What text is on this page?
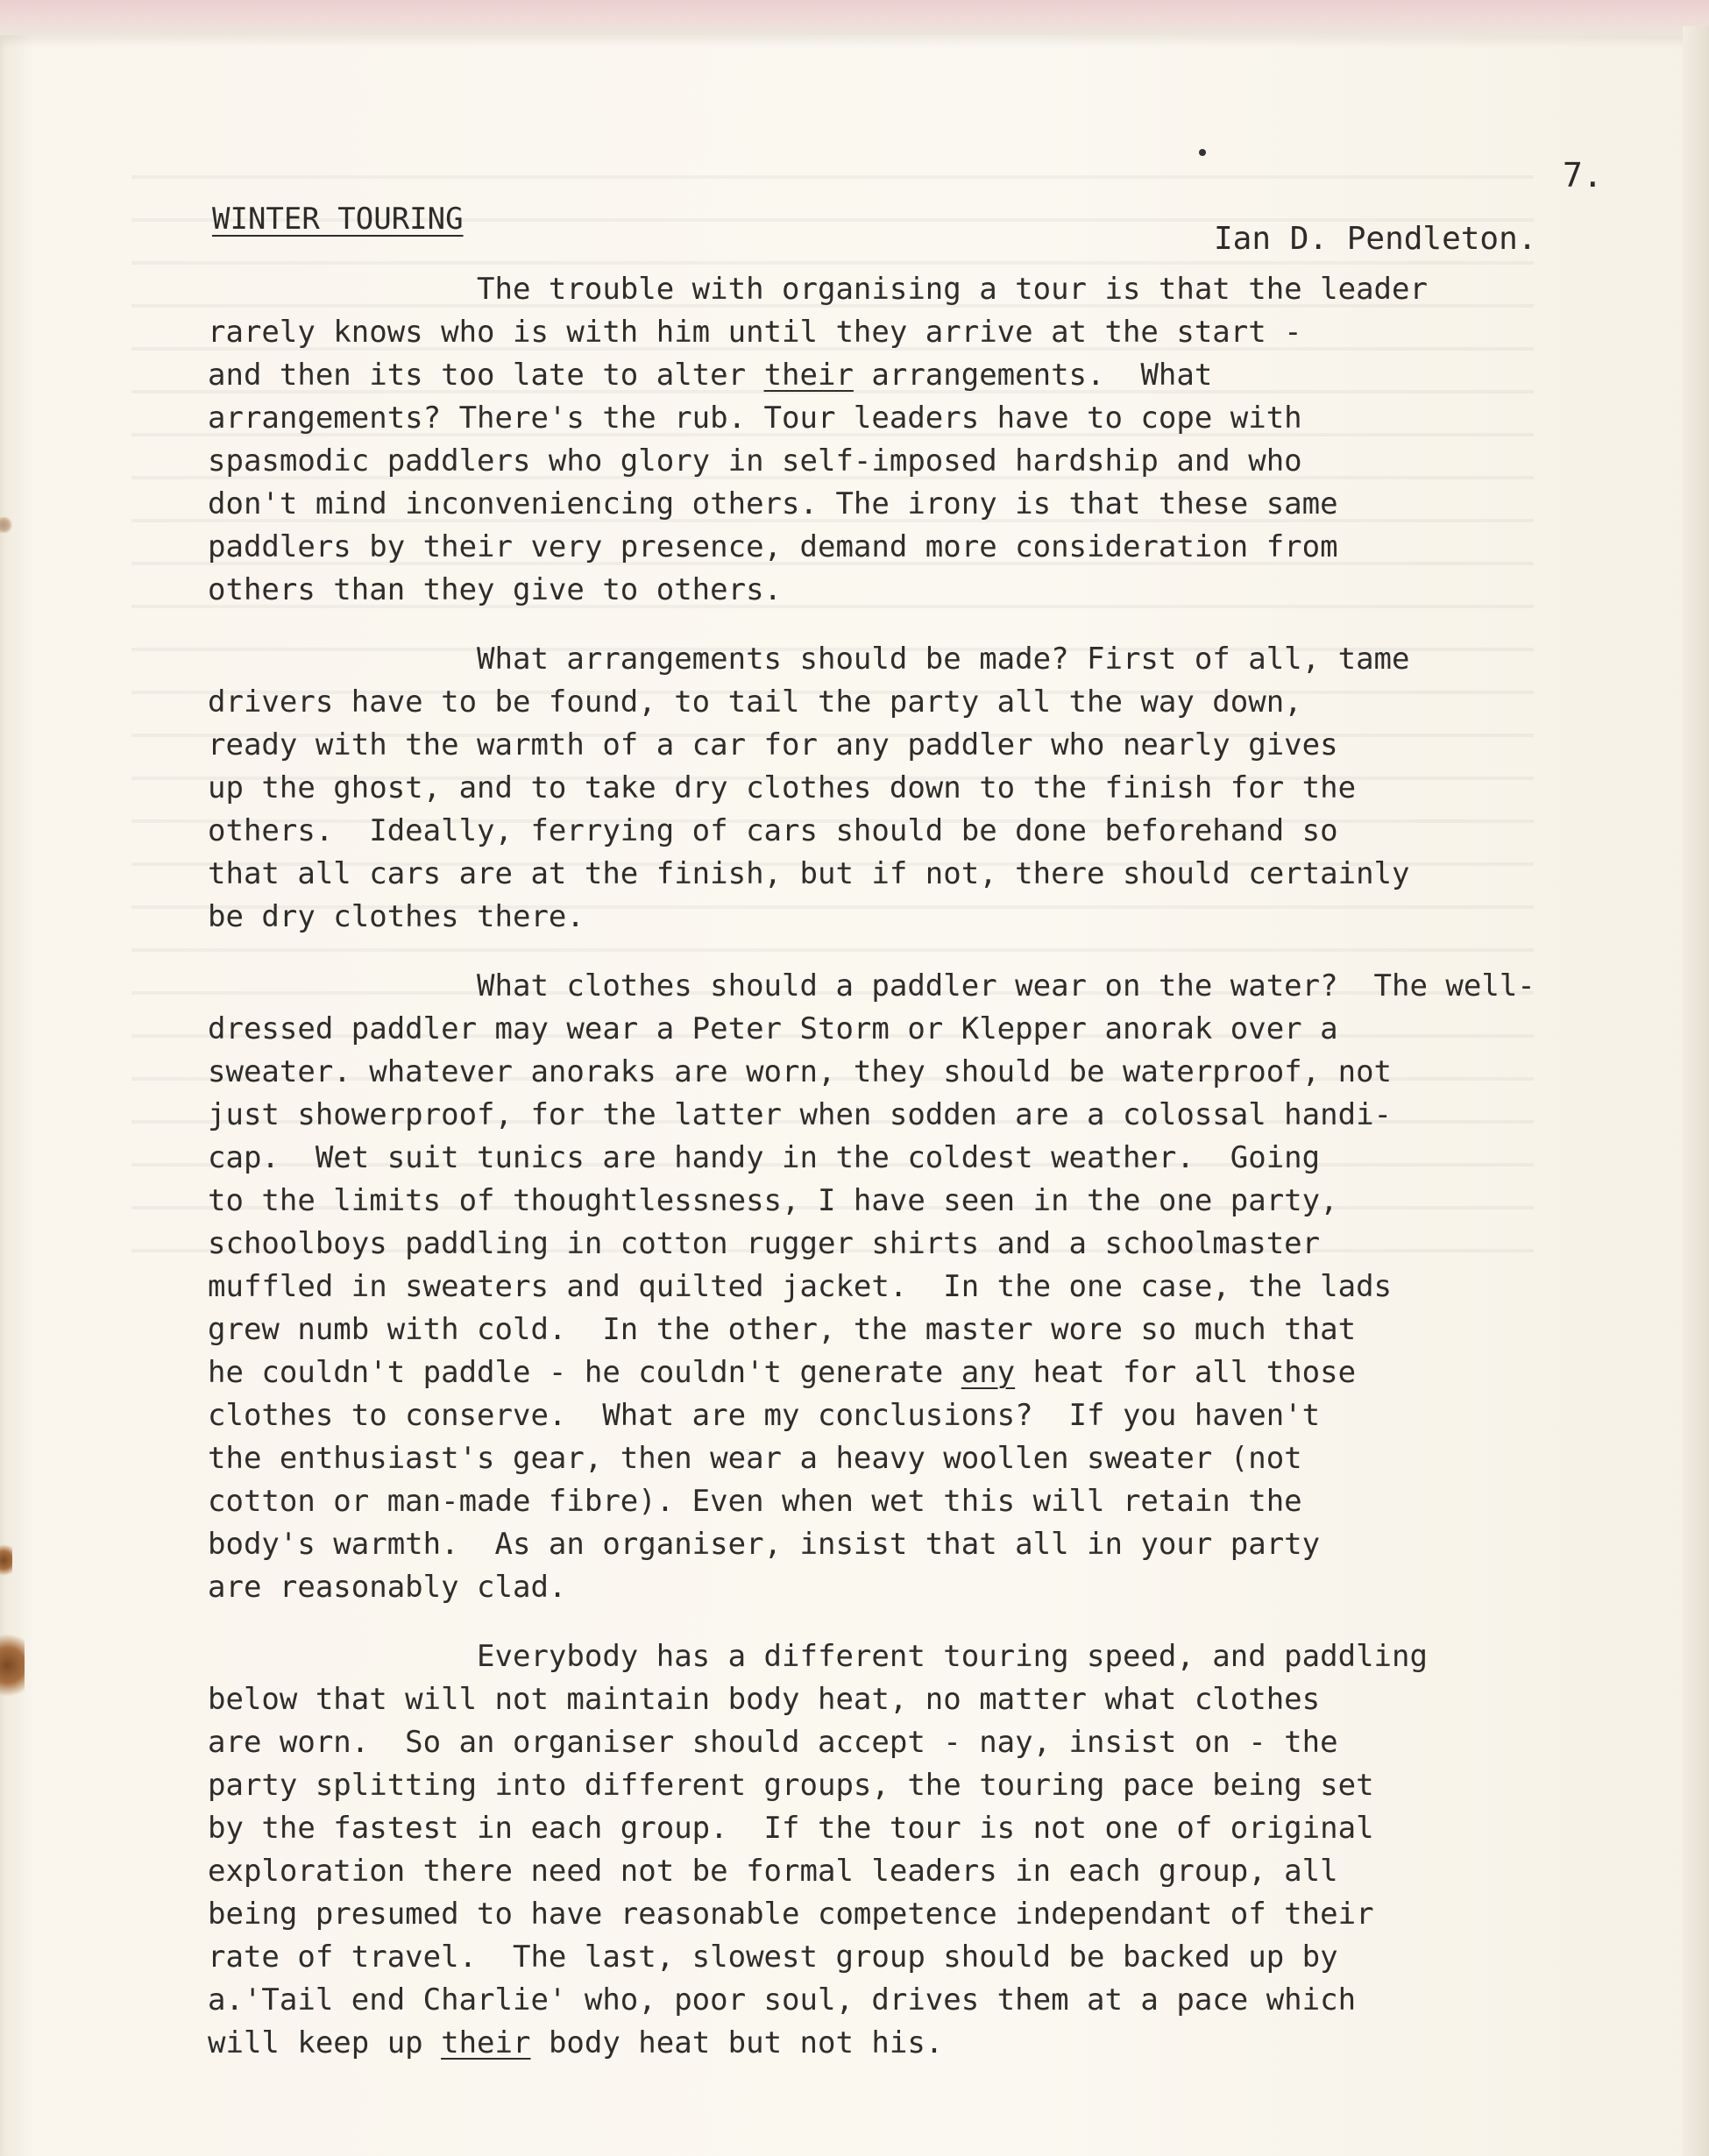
7.
WINTER TOURING
Ian D. Pendleton.
The trouble with organising a tour is that the leader
rarely knows who is with him until they arrive at the start -
and then its too late to alter their arrangements.  What
arrangements? There's the rub. Tour leaders have to cope with
spasmodic paddlers who glory in self-imposed hardship and who
don't mind inconveniencing others. The irony is that these same
paddlers by their very presence, demand more consideration from
others than they give to others.
What arrangements should be made? First of all, tame
drivers have to be found, to tail the party all the way down,
ready with the warmth of a car for any paddler who nearly gives
up the ghost, and to take dry clothes down to the finish for the
others.  Ideally, ferrying of cars should be done beforehand so
that all cars are at the finish, but if not, there should certainly
be dry clothes there.
What clothes should a paddler wear on the water?  The well-
dressed paddler may wear a Peter Storm or Klepper anorak over a
sweater. whatever anoraks are worn, they should be waterproof, not
just showerproof, for the latter when sodden are a colossal handi-
cap.  Wet suit tunics are handy in the coldest weather.  Going
to the limits of thoughtlessness, I have seen in the one party,
schoolboys paddling in cotton rugger shirts and a schoolmaster
muffled in sweaters and quilted jacket.  In the one case, the lads
grew numb with cold.  In the other, the master wore so much that
he couldn't paddle - he couldn't generate any heat for all those
clothes to conserve.  What are my conclusions?  If you haven't
the enthusiast's gear, then wear a heavy woollen sweater (not
cotton or man-made fibre). Even when wet this will retain the
body's warmth.  As an organiser, insist that all in your party
are reasonably clad.
Everybody has a different touring speed, and paddling
below that will not maintain body heat, no matter what clothes
are worn.  So an organiser should accept - nay, insist on - the
party splitting into different groups, the touring pace being set
by the fastest in each group.  If the tour is not one of original
exploration there need not be formal leaders in each group, all
being presumed to have reasonable competence independant of their
rate of travel.  The last, slowest group should be backed up by
a.'Tail end Charlie' who, poor soul, drives them at a pace which
will keep up their body heat but not his.
